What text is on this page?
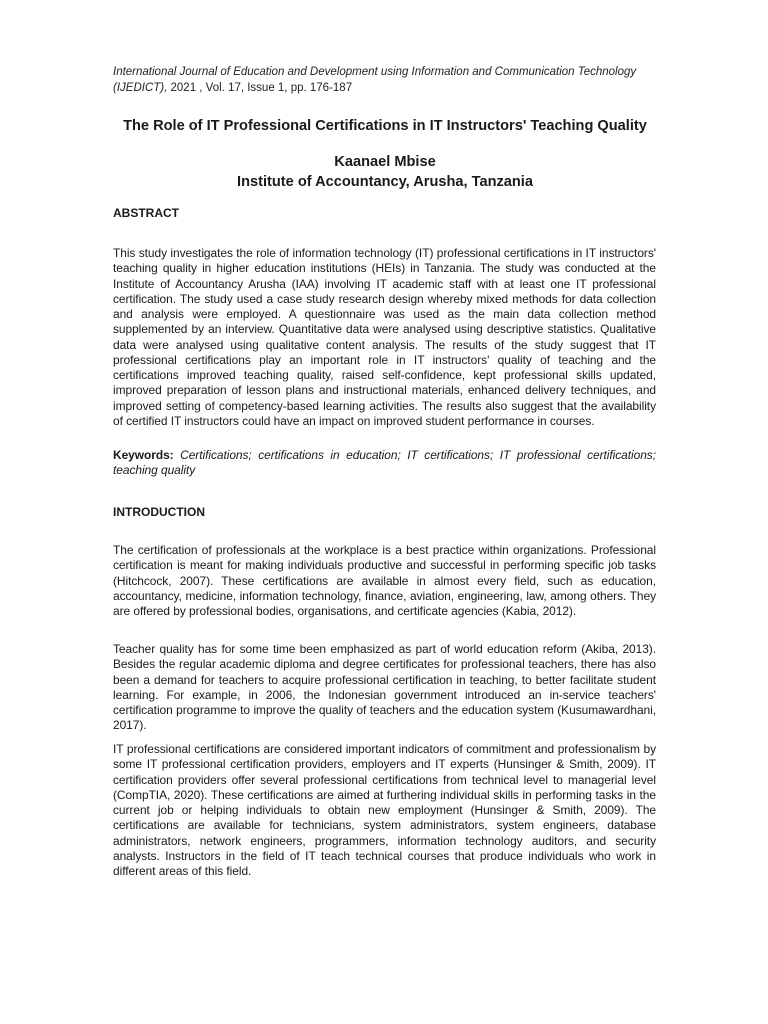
International Journal of Education and Development using Information and Communication Technology (IJEDICT), 2021 , Vol. 17, Issue 1, pp. 176-187
The Role of IT Professional Certifications in IT Instructors' Teaching Quality
Kaanael Mbise
Institute of Accountancy, Arusha, Tanzania
ABSTRACT
This study investigates the role of information technology (IT) professional certifications in IT instructors' teaching quality in higher education institutions (HEIs) in Tanzania. The study was conducted at the Institute of Accountancy Arusha (IAA) involving IT academic staff with at least one IT professional certification. The study used a case study research design whereby mixed methods for data collection and analysis were employed. A questionnaire was used as the main data collection method supplemented by an interview. Quantitative data were analysed using descriptive statistics. Qualitative data were analysed using qualitative content analysis. The results of the study suggest that IT professional certifications play an important role in IT instructors' quality of teaching and the certifications improved teaching quality, raised self-confidence, kept professional skills updated, improved preparation of lesson plans and instructional materials, enhanced delivery techniques, and improved setting of competency-based learning activities. The results also suggest that the availability of certified IT instructors could have an impact on improved student performance in courses.
Keywords: Certifications; certifications in education; IT certifications; IT professional certifications; teaching quality
INTRODUCTION
The certification of professionals at the workplace is a best practice within organizations. Professional certification is meant for making individuals productive and successful in performing specific job tasks (Hitchcock, 2007). These certifications are available in almost every field, such as education, accountancy, medicine, information technology, finance, aviation, engineering, law, among others. They are offered by professional bodies, organisations, and certificate agencies (Kabia, 2012).
Teacher quality has for some time been emphasized as part of world education reform (Akiba, 2013). Besides the regular academic diploma and degree certificates for professional teachers, there has also been a demand for teachers to acquire professional certification in teaching, to better facilitate student learning. For example, in 2006, the Indonesian government introduced an in-service teachers' certification programme to improve the quality of teachers and the education system (Kusumawardhani, 2017).
IT professional certifications are considered important indicators of commitment and professionalism by some IT professional certification providers, employers and IT experts (Hunsinger & Smith, 2009). IT certification providers offer several professional certifications from technical level to managerial level (CompTIA, 2020). These certifications are aimed at furthering individual skills in performing tasks in the current job or helping individuals to obtain new employment (Hunsinger & Smith, 2009). The certifications are available for technicians, system administrators, system engineers, database administrators, network engineers, programmers, information technology auditors, and security analysts. Instructors in the field of IT teach technical courses that produce individuals who work in different areas of this field.
